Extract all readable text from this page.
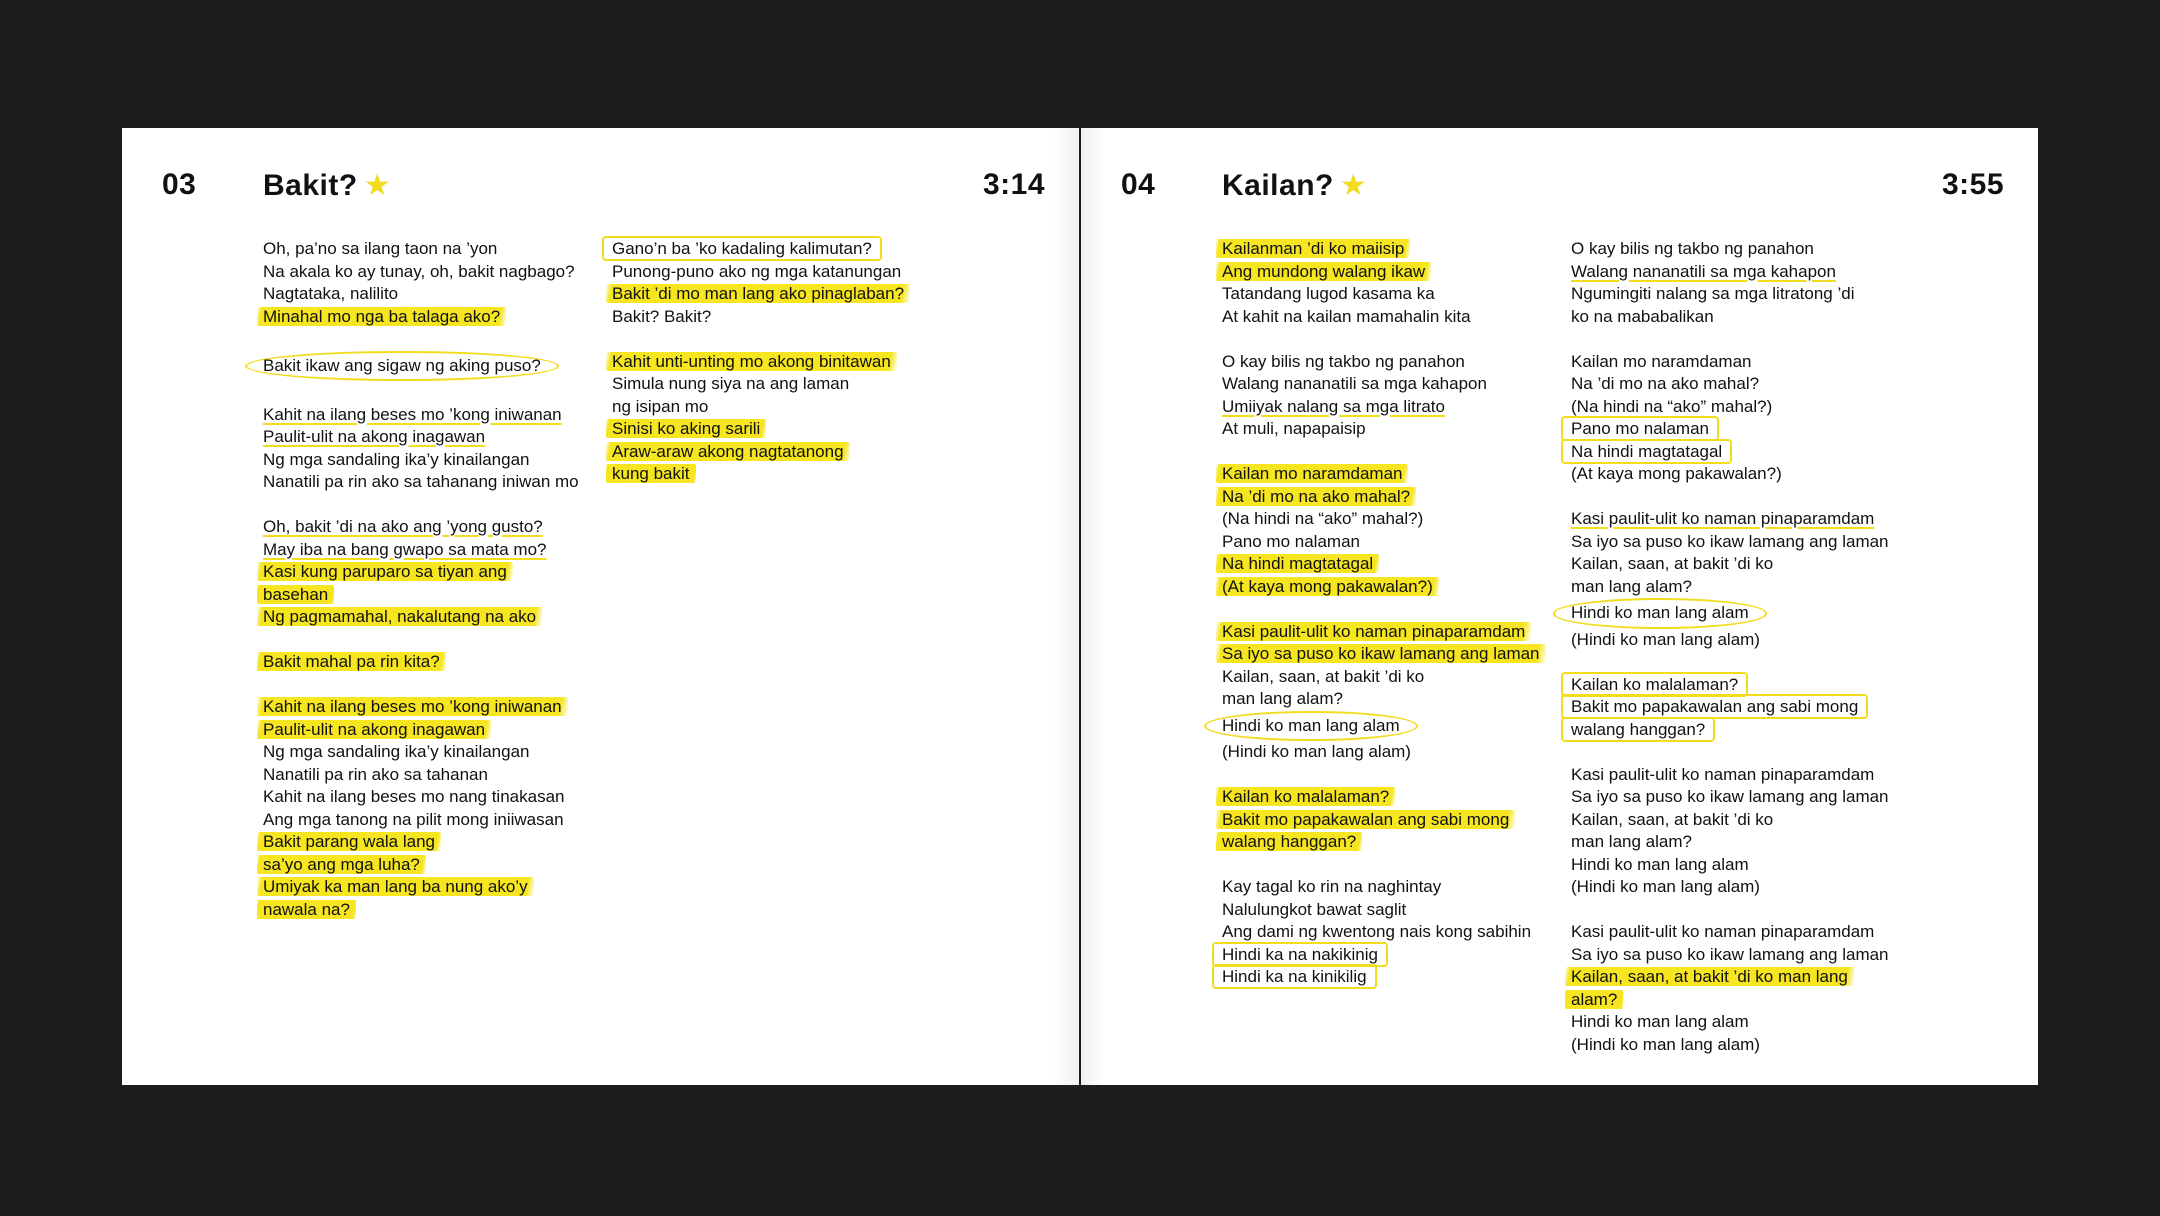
03 Bakit? ★	3:14
Oh, pa’no sa ilang taon na ’yon
Na akala ko ay tunay, oh, bakit nagbago?
Nagtataka, nalilito
Minahal mo nga ba talaga ako?
Bakit ikaw ang sigaw ng aking puso?
Kahit na ilang beses mo ’kong iniwanan
Paulit-ulit na akong inagawan
Ng mga sandaling ika’y kinailangan
Nanatili pa rin ako sa tahanang iniwan mo
Oh, bakit ’di na ako ang ’yong gusto?
May iba na bang gwapo sa mata mo?
Kasi kung paruparo sa tiyan ang
basehan
Ng pagmamahal, nakalutang na ako
Bakit mahal pa rin kita?
Kahit na ilang beses mo ’kong iniwanan
Paulit-ulit na akong inagawan
Ng mga sandaling ika’y kinailangan
Nanatili pa rin ako sa tahanan
Kahit na ilang beses mo nang tinakasan
Ang mga tanong na pilit mong iniiwasan
Bakit parang wala lang
sa’yo ang mga luha?
Umiyak ka man lang ba nung ako’y
nawala na?
Gano’n ba ’ko kadaling kalimutan?
Punong-puno ako ng mga katanungan
Bakit ’di mo man lang ako pinaglaban?
Bakit? Bakit?
Kahit unti-unting mo akong binitawan
Simula nung siya na ang laman
ng isipan mo
Sinisi ko aking sarili
Araw-araw akong nagtatanong
kung bakit
04 Kailan? ★	3:55
Kailanman ’di ko maiisip
Ang mundong walang ikaw
Tatandang lugod kasama ka
At kahit na kailan mamahalin kita
O kay bilis ng takbo ng panahon
Walang nananatili sa mga kahapon
Umiiyak nalang sa mga litrato
At muli, napapaisip
Kailan mo naramdaman
Na ’di mo na ako mahal?
(Na hindi na “ako” mahal?)
Pano mo nalaman
Na hindi magtatagal
(At kaya mong pakawalan?)
Kasi paulit-ulit ko naman pinaparamdam
Sa iyo sa puso ko ikaw lamang ang laman
Kailan, saan, at bakit ’di ko
man lang alam?
Hindi ko man lang alam
(Hindi ko man lang alam)
Kailan ko malalaman?
Bakit mo papakawalan ang sabi mong
walang hanggan?
Kay tagal ko rin na naghintay
Nalulungkot bawat saglit
Ang dami ng kwentong nais kong sabihin
Hindi ka na nakikinig
Hindi ka na kinikilig
O kay bilis ng takbo ng panahon
Walang nananatili sa mga kahapon
Ngumingiti nalang sa mga litratong ’di
ko na mababalikan
Kailan mo naramdaman
Na ’di mo na ako mahal?
(Na hindi na “ako” mahal?)
Pano mo nalaman
Na hindi magtatagal
(At kaya mong pakawalan?)
Kasi paulit-ulit ko naman pinaparamdam
Sa iyo sa puso ko ikaw lamang ang laman
Kailan, saan, at bakit ’di ko
man lang alam?
Hindi ko man lang alam
(Hindi ko man lang alam)
Kailan ko malalaman?
Bakit mo papakawalan ang sabi mong
walang hanggan?
Kasi paulit-ulit ko naman pinaparamdam
Sa iyo sa puso ko ikaw lamang ang laman
Kailan, saan, at bakit ’di ko
man lang alam?
Hindi ko man lang alam
(Hindi ko man lang alam)
Kasi paulit-ulit ko naman pinaparamdam
Sa iyo sa puso ko ikaw lamang ang laman
Kailan, saan, at bakit ’di ko man lang
alam?
Hindi ko man lang alam
(Hindi ko man lang alam)
